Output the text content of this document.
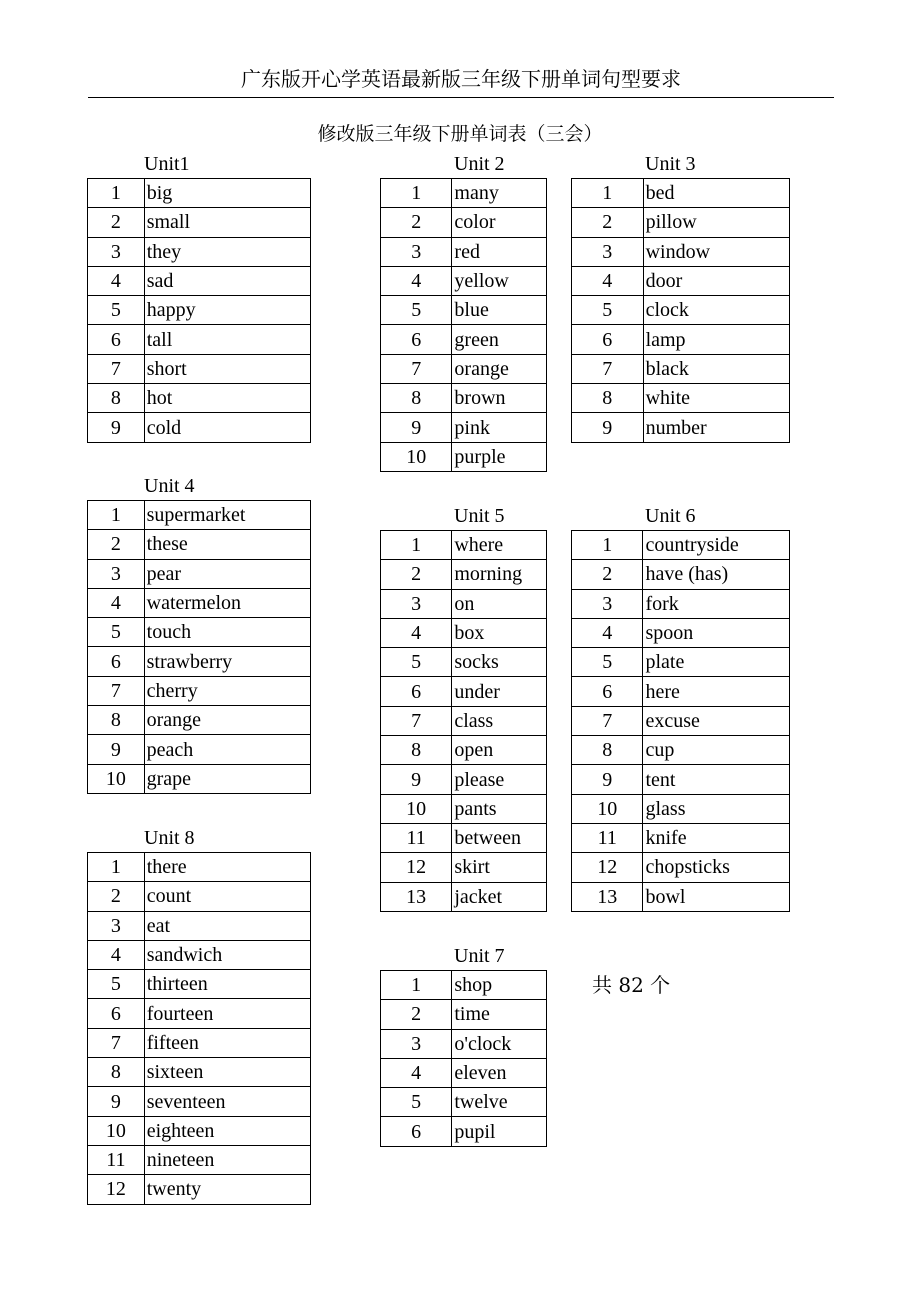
广东版开心学英语最新版三年级下册单词句型要求
修改版三年级下册单词表（三会）
Unit1
1	big
2	small
3	they
4	sad
5	happy
6	tall
7	short
8	hot
9	cold
Unit 2
1	many
2	color
3	red
4	yellow
5	blue
6	green
7	orange
8	brown
9	pink
10	purple
Unit 3
1	bed
2	pillow
3	window
4	door
5	clock
6	lamp
7	black
8	white
9	number
Unit 4
1	supermarket
2	these
3	pear
4	watermelon
5	touch
6	strawberry
7	cherry
8	orange
9	peach
10	grape
Unit 5
1	where
2	morning
3	on
4	box
5	socks
6	under
7	class
8	open
9	please
10	pants
11	between
12	skirt
13	jacket
Unit 6
1	countryside
2	have (has)
3	fork
4	spoon
5	plate
6	here
7	excuse
8	cup
9	tent
10	glass
11	knife
12	chopsticks
13	bowl
Unit 8
1	there
2	count
3	eat
4	sandwich
5	thirteen
6	fourteen
7	fifteen
8	sixteen
9	seventeen
10	eighteen
11	nineteen
12	twenty
Unit 7
1	shop
2	time
3	o'clock
4	eleven
5	twelve
6	pupil
共 82 个
